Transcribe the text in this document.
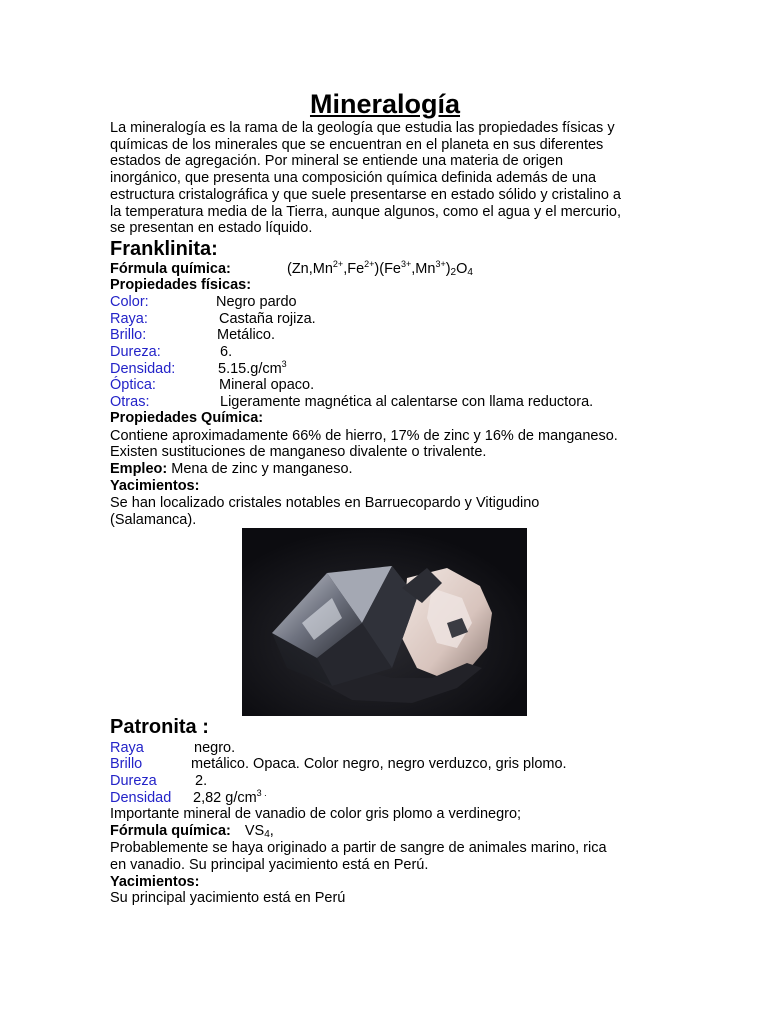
Mineralogía
La mineralogía es la rama de la geología que estudia las propiedades físicas y
químicas de los minerales que se encuentran en el planeta en sus diferentes
estados de agregación. Por mineral se entiende una materia de origen
inorgánico, que presenta una composición química definida además de una
estructura cristalográfica y que suele presentarse en estado sólido y cristalino a
la temperatura media de la Tierra, aunque algunos, como el agua y el mercurio,
se presentan en estado líquido.
Franklinita:
Fórmula química:	$(Zn,Mn^{2+},Fe^{2+})(Fe^{3+},Mn^{3+})_2O_4$
Propiedades físicas:
Color:	Negro pardo
Raya:	Castaña rojiza.
Brillo:	Metálico.
Dureza:	6.
Densidad:	$5.15.g/cm^3$
Óptica:	Mineral opaco.
Otras:	Ligeramente magnética al calentarse con llama reductora.
Propiedades Química:
Contiene aproximadamente 66% de hierro, 17% de zinc y 16% de manganeso.
Existen sustituciones de manganeso divalente o trivalente.
Empleo: Mena de zinc y manganeso.
Yacimientos:
Se han localizado cristales notables en Barruecopardo y Vitigudino
(Salamanca).
Patronita :
Raya	negro.
Brillo	metálico. Opaca. Color negro, negro verduzco, gris plomo.
Dureza	2.
Densidad 2,82 $g/cm^{3 .}$
Importante mineral de vanadio de color gris plomo a verdinegro;
Fórmula química: $VS_4$,
Probablemente se haya originado a partir de sangre de animales marino, rica
en vanadio. Su principal yacimiento está en Perú.
Yacimientos:
Su principal yacimiento está en Perú
